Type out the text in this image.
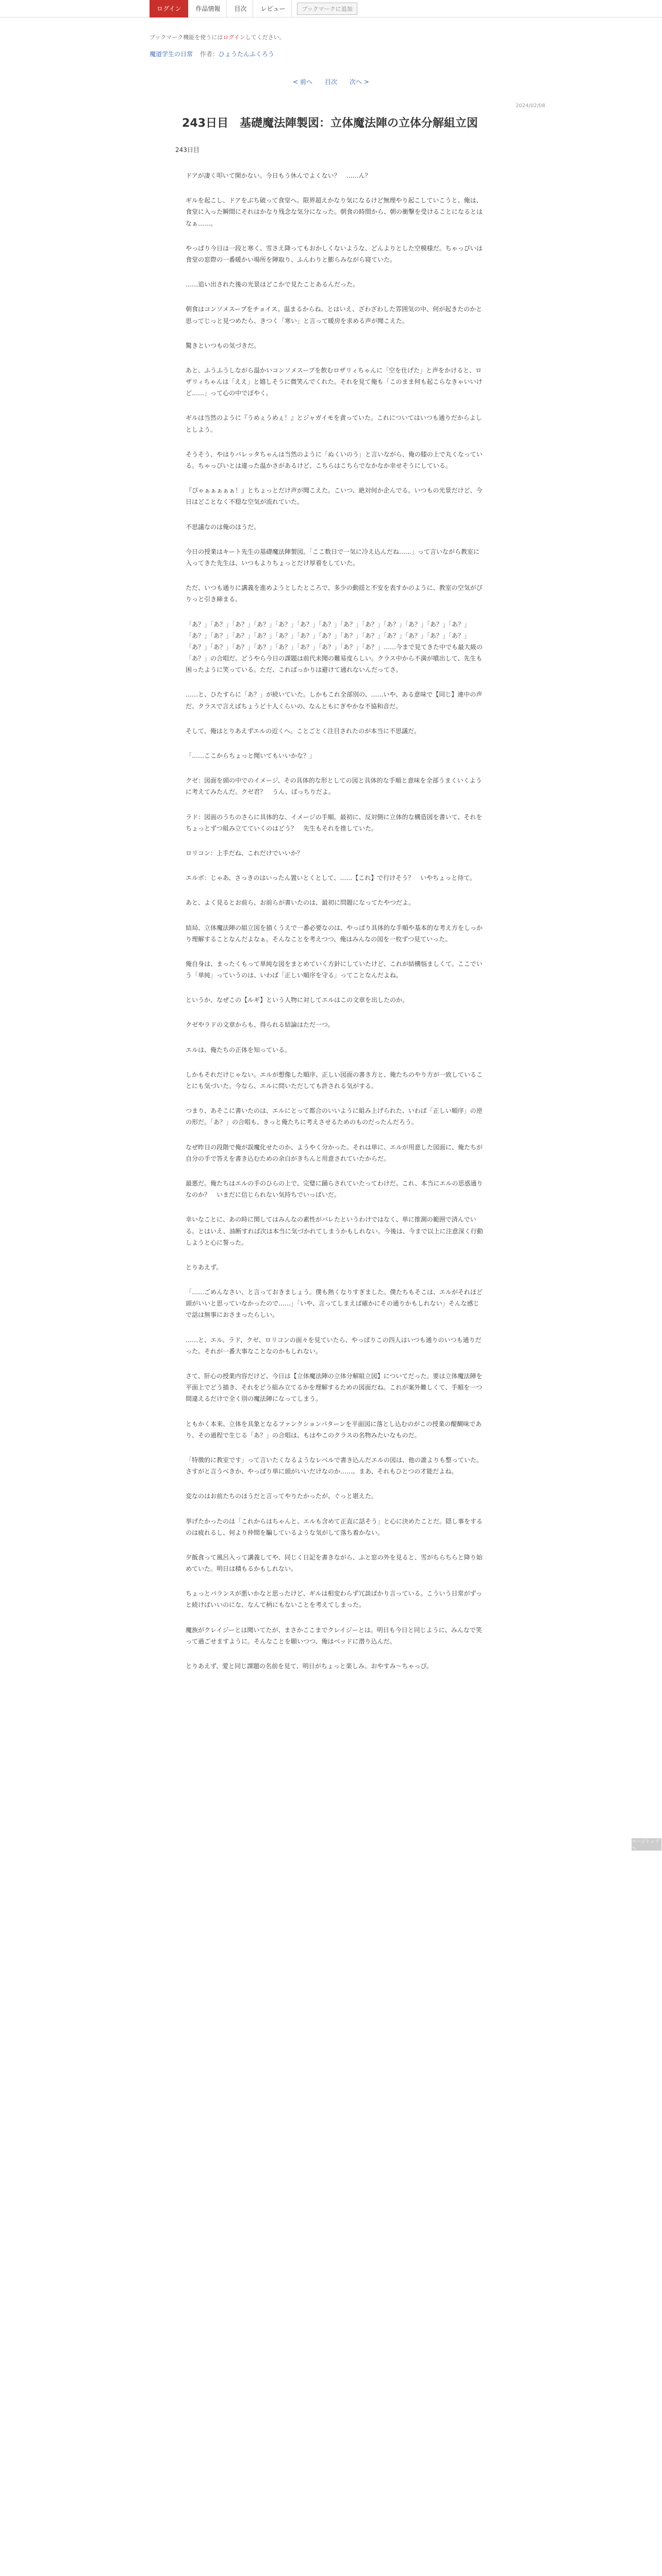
ログイン	作品情報	目次	レビュー	ブックマークに追加
ブックマーク機能を使うにはログインしてください。
魔道学生の日常 作者：ひょうたんふくろう
< 前へ 目次 次へ >
2024/02/08
243日目　基礎魔法陣製図：立体魔法陣の立体分解組立図
243日目

ドアが凄く叩いて開かない。今日もう休んでよくない？　……ん？

ギルを起こし、ドアをぶち破って食堂へ。限界超えかなり気になるけど無理やり起こしていこうと、俺は、食堂に入った瞬間にそれはかなり残念な気分になった。朝食の時間から、朝の衝撃を受けることになるとはなぁ……。

やっぱり今日は一段と寒く、雪さえ降ってもおかしくないような、どんよりとした空模様だ。ちゃっぴいは食堂の窓際の一番暖かい場所を陣取り、ふんわりと膨らみながら寝ていた。

……追い出された後の光景はどこかで見たことあるんだった。

朝食はコンソメスープをチョイス。温まるからね。とはいえ、ざわざわした雰囲気の中、何が起きたのかと思ってじっと見つめたら、きつく「寒い」と言って暖房を求める声が聞こえた。

驚きといつもの気づきだ。

あと、ふうふうしながら温かいコンソメスープを飲むロザリィちゃんに「空を仕げた」と声をかけると、ロザリィちゃんは「ええ」と嬉しそうに微笑んでくれた。それを見て俺も「このまま何も起こらなきゃいいけど……」って心の中でぼやく。

ギルは当然のように『うめぇうめぇ！』とジャガイモを貪っていた。これについてはいつも通りだからよしとしよう。

そうそう、やはりバレッタちゃんは当然のように「ぬくいのう」と言いながら、俺の膝の上で丸くなっている。ちゃっぴいとは違った温かさがあるけど、こちらはこちらでなかなか幸せそうにしている。

『ぴゃぁぁぁぁぁ！』とちょっとだけ声が聞こえた。こいつ、絶対何か企んでる。いつもの光景だけど、今日はどことなく不穏な空気が流れていた。

不思議なのは俺のほうだ。

今日の授業はキート先生の基礎魔法陣製図。「ここ数日で一気に冷え込んだね……」って言いながら教室に入ってきた先生は、いつもよりちょっとだけ厚着をしていた。

ただ、いつも通りに講義を進めようとしたところで、多少の動揺と不安を表すかのように、教室の空気がぴりっと引き締まる。

「あ？」「あ？」「あ？」「あ？」「あ？」「あ？」「あ？」「あ？」「あ？」「あ？」「あ？」「あ？」「あ？」「あ？」「あ？」「あ？」「あ？」「あ？」「あ？」「あ？」「あ？」「あ？」「あ？」「あ？」「あ？」「あ？」「あ？」「あ？」「あ？」「あ？」「あ？」「あ？」「あ？」「あ？」「あ？」……今まで見てきた中でも最大級の「あ？」の合唱だ。どうやら今日の課題は前代未聞の難易度らしい。クラス中から不満が噴出して、先生も困ったように笑っている。ただ、こればっかりは避けて通れないんだってさ。

……と、ひたすらに「あ？」が続いていた。しかもこれ全部別の、……いや、ある意味で【同じ】連中の声だ。クラスで言えばちょうど十人くらいの、なんともにぎやかな不協和音だ。

そして、俺はとりあえずエルの近くへ。ことごとく注目されたのが本当に不思議だ。

「……ここからちょっと聞いてもいいかな？」

クゼ：図面を頭の中でのイメージ、その具体的な形としての図と具体的な手順と意味を全部うまくいくように考えてみたんだ。クゼ君？　うん、ばっちりだよ。

ラド：図面のうちのさらに具体的な、イメージの手順。最初に、反対側に立体的な構造図を書いて、それをちょっとずつ組み立てていくのはどう？　先生もそれを推していた。

ロリコン：上手だね、これだけでいいか？

エルボ：じゃあ、さっきのはいったん置いとくとして、……【これ】で行けそう？　いやちょっと待て。

あと、よく見るとお前ら、お前らが書いたのは、最初に問題になってたやつだよ。

結局、立体魔法陣の組立図を描くうえで一番必要なのは、やっぱり具体的な手順や基本的な考え方をしっかり理解することなんだよなぁ。そんなことを考えつつ、俺はみんなの図を一枚ずつ見ていった。

俺自身は、まったくもって単純な図をまとめていく方針にしていたけど、これが結構悩ましくて。ここでいう「単純」っていうのは、いわば「正しい順序を守る」ってことなんだよね。

というか、なぜこの【ルギ】という人物に対してエルはこの文章を出したのか。

クゼやラドの文章からも、得られる結論はただ一つ。

エルは、俺たちの正体を知っている。

しかもそれだけじゃない。エルが想像した順序、正しい図面の書き方と、俺たちのやり方が一致していることにも気づいた。今なら、エルに問いただしても許される気がする。

つまり、あそこに書いたのは、エルにとって都合のいいように組み上げられた、いわば「正しい順序」の逆の形だ。「あ？」の合唱も、きっと俺たちに考えさせるためのものだったんだろう。

なぜ昨日の段階で俺が誤魔化せたのか、ようやく分かった。それは単に、エルが用意した図面に、俺たちが自分の手で答えを書き込むための余白がきちんと用意されていたからだ。

最悪だ。俺たちはエルの手のひらの上で、完璧に踊らされていたってわけだ。これ、本当にエルの思惑通りなのか？　いまだに信じられない気持ちでいっぱいだ。

幸いなことに、あの時に関してはみんなの素性がバレたというわけではなく、単に推測の範囲で済んでいる。とはいえ、油断すれば次は本当に気づかれてしまうかもしれない。今後は、今まで以上に注意深く行動しようと心に誓った。

とりあえず。

「……ごめんなさい、と言っておきましょう。僕も熱くなりすぎました。僕たちもそこは、エルがそれほど頭がいいと思っていなかったので……」「いや、言ってしまえば確かにその通りかもしれない」そんな感じで話は無事におさまったらしい。

……と、エル、ラド、クゼ、ロリコンの面々を見ていたら、やっぱりこの四人はいつも通りのいつも通りだった。それが一番大事なことなのかもしれない。

さて、肝心の授業内容だけど、今日は【立体魔法陣の立体分解組立図】についてだった。要は立体魔法陣を平面上でどう描き、それをどう組み立てるかを理解するための図面だね。これが案外難しくて、手順を一つ間違えるだけで全く別の魔法陣になってしまう。

ともかく本来、立体を具象となるファンクションパターンを平面図に落とし込むのがこの授業の醍醐味であり、その過程で生じる「あ？」の合唱は、もはやこのクラスの名物みたいなものだ。

「特徴的に教室です」って言いたくなるようなレベルで書き込んだエルの図は、他の誰よりも整っていた。さすがと言うべきか、やっぱり単に頭がいいだけなのか……。まあ、それもひとつの才能だよね。

変なのはお前たちのほうだと言ってやりたかったが、ぐっと堪えた。

挙げたかったのは「これからはちゃんと、エルも含めて正直に話そう」と心に決めたことだ。隠し事をするのは疲れるし、何より仲間を騙しているような気がして落ち着かない。

夕飯食って風呂入って講義してや、同じく日記を書きながら、ふと窓の外を見ると、雪がちらちらと降り始めていた。明日は積もるかもしれない。

ちょっとバランスが悪いかなと思ったけど、ギルは相変わらず冗談ばかり言っている。こういう日常がずっと続けばいいのにな、なんて柄にもないことを考えてしまった。

魔族がクレイジーとは聞いてたが、まさかここまでクレイジーとは。明日も今日と同じように、みんなで笑って過ごせますように。そんなことを願いつつ、俺はベッドに潜り込んだ。

とりあえず、愛と同じ課題の名前を見て、明日がちょっと楽しみ。おやすみ～ちゃっぴ。

ページトップへ
